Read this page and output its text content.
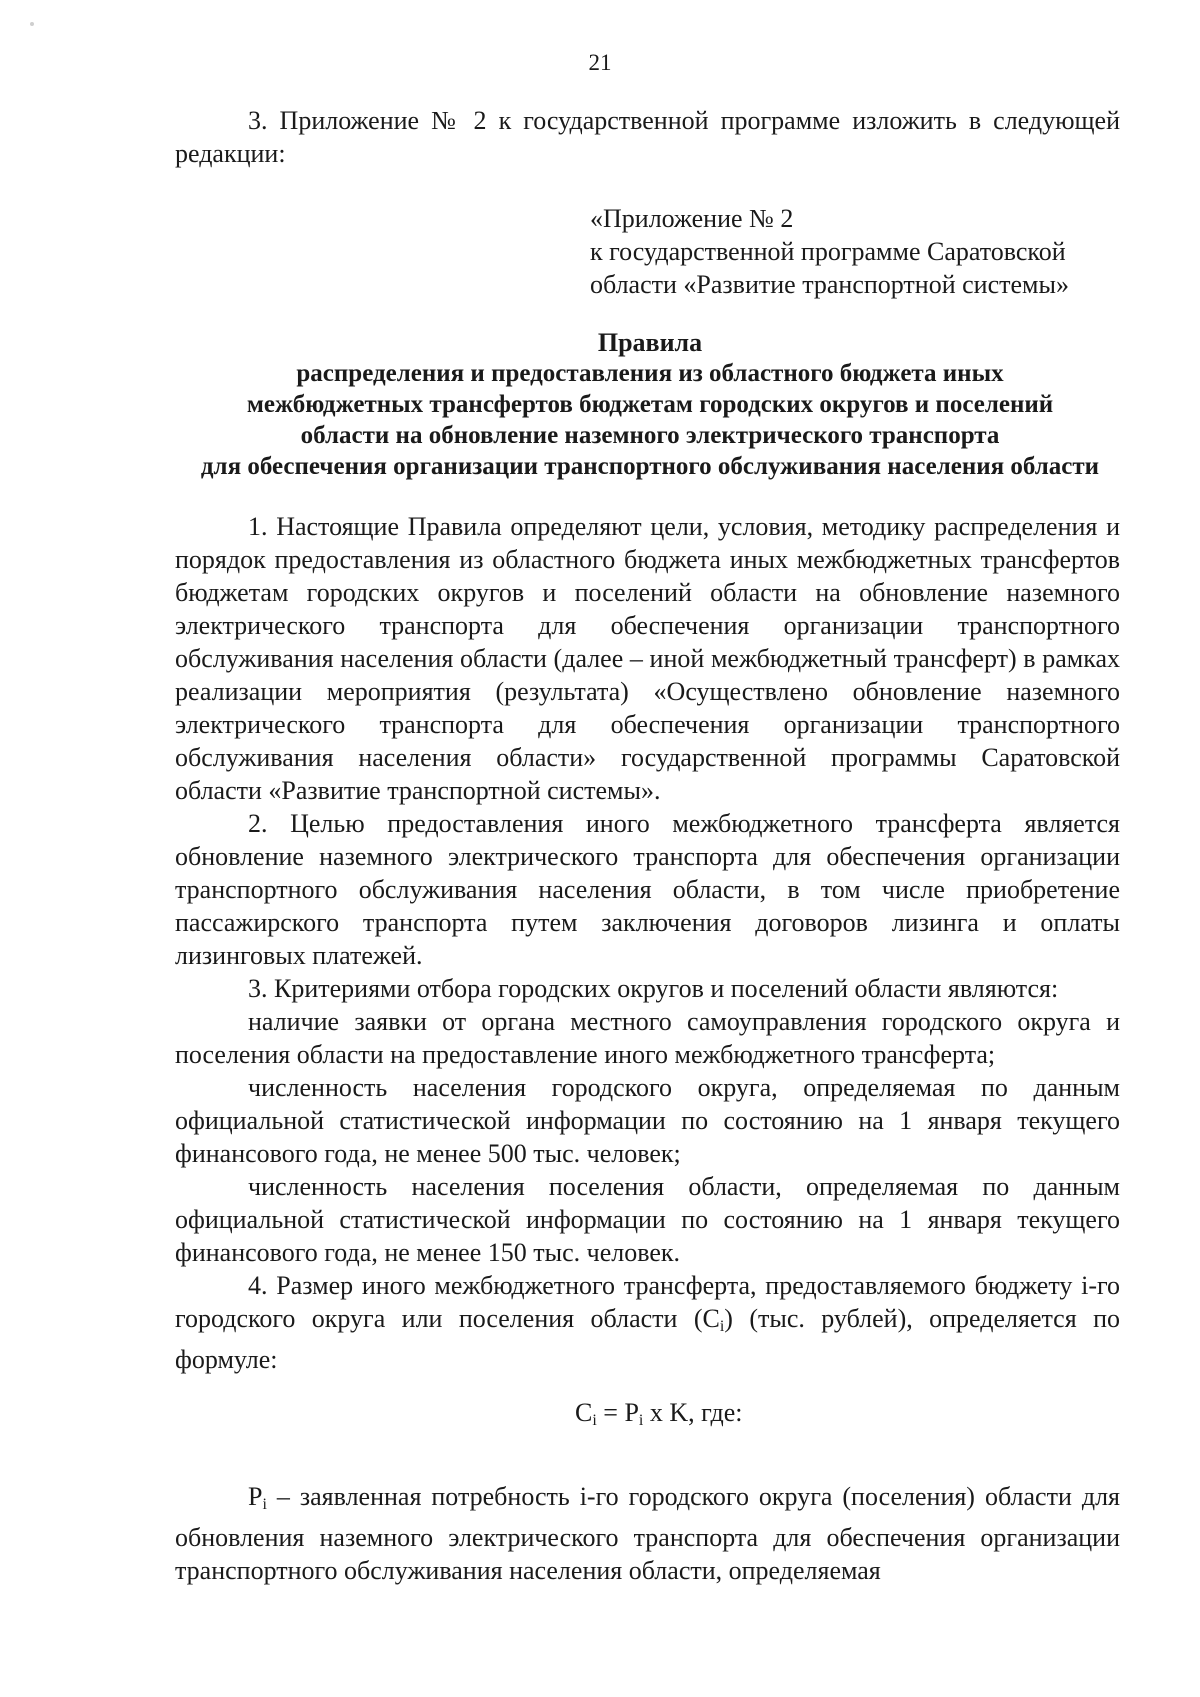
21

3. Приложение № 2 к государственной программе изложить в следующей редакции:

«Приложение № 2
к государственной программе Саратовской
области «Развитие транспортной системы»
Правила
распределения и предоставления из областного бюджета иных
межбюджетных трансфертов бюджетам городских округов и поселений
области на обновление наземного электрического транспорта
для обеспечения организации транспортного обслуживания населения области

1. Настоящие Правила определяют цели, условия, методику распределения и порядок предоставления из областного бюджета иных межбюджетных трансфертов бюджетам городских округов и поселений области на обновление наземного электрического транспорта для обеспечения организации транспортного обслуживания населения области (далее – иной межбюджетный трансферт) в рамках реализации мероприятия (результата) «Осуществлено обновление наземного электрического транспорта для обеспечения организации транспортного обслуживания населения области» государственной программы Саратовской области «Развитие транспортной системы».

2. Целью предоставления иного межбюджетного трансферта является обновление наземного электрического транспорта для обеспечения организации транспортного обслуживания населения области, в том числе приобретение пассажирского транспорта путем заключения договоров лизинга и оплаты лизинговых платежей.

3. Критериями отбора городских округов и поселений области являются:

наличие заявки от органа местного самоуправления городского округа и поселения области на предоставление иного межбюджетного трансферта;

численность населения городского округа, определяемая по данным официальной статистической информации по состоянию на 1 января текущего финансового года, не менее 500 тыс. человек;

численность населения поселения области, определяемая по данным официальной статистической информации по состоянию на 1 января текущего финансового года, не менее 150 тыс. человек.

4. Размер иного межбюджетного трансферта, предоставляемого бюджету i-го городского округа или поселения области $(C_i)$ (тыс. рублей), определяется по формуле:

$C_i = P_i$ x K, где:

$P_i$ – заявленная потребность i-го городского округа (поселения) области для обновления наземного электрического транспорта для обеспечения организации транспортного обслуживания населения области, определяемая
